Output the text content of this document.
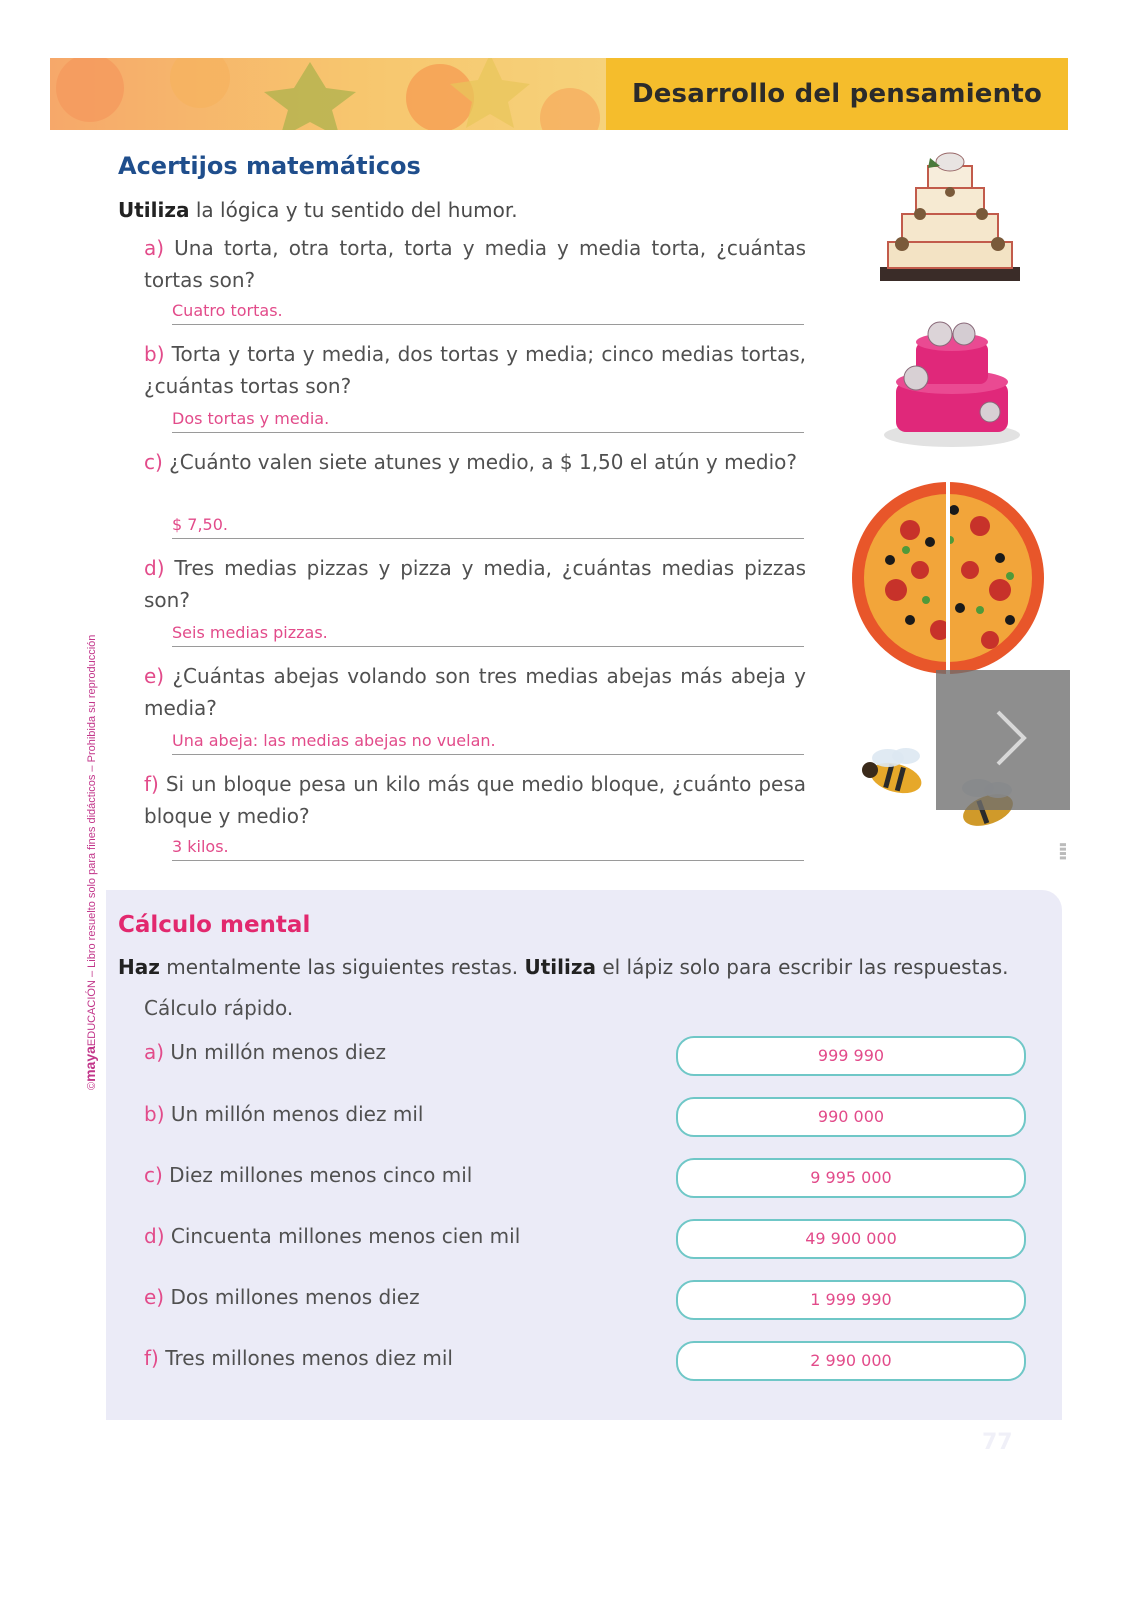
Desarrollo del pensamiento
©mayaEDUCACIÓN – Libro resuelto solo para fines didácticos – Prohibida su reproducción
Acertijos matemáticos
Utiliza la lógica y tu sentido del humor.
a) Una torta, otra torta, torta y media y media torta, ¿cuántas tortas son?
Cuatro tortas.
b) Torta y torta y media, dos tortas y media; cinco medias tortas, ¿cuántas tortas son?
Dos tortas y media.
c) ¿Cuánto valen siete atunes y medio, a $ 1,50 el atún y medio?
$ 7,50.
d) Tres medias pizzas y pizza y media, ¿cuántas medias pizzas son?
Seis medias pizzas.
e) ¿Cuántas abejas volando son tres medias abejas más abeja y media?
Una abeja: las medias abejas no vuelan.
f) Si un bloque pesa un kilo más que medio bloque, ¿cuánto pesa bloque y medio?
3 kilos.	▮▮▮▮
Cálculo mental
Haz mentalmente las siguientes restas. Utiliza el lápiz solo para escribir las respuestas.
Cálculo rápido.
a) Un millón menos diez	999 990
b) Un millón menos diez mil	990 000
c) Diez millones menos cinco mil	9 995 000
d) Cincuenta millones menos cien mil	49 900 000
e) Dos millones menos diez	1 999 990
f) Tres millones menos diez mil	2 990 000
77
